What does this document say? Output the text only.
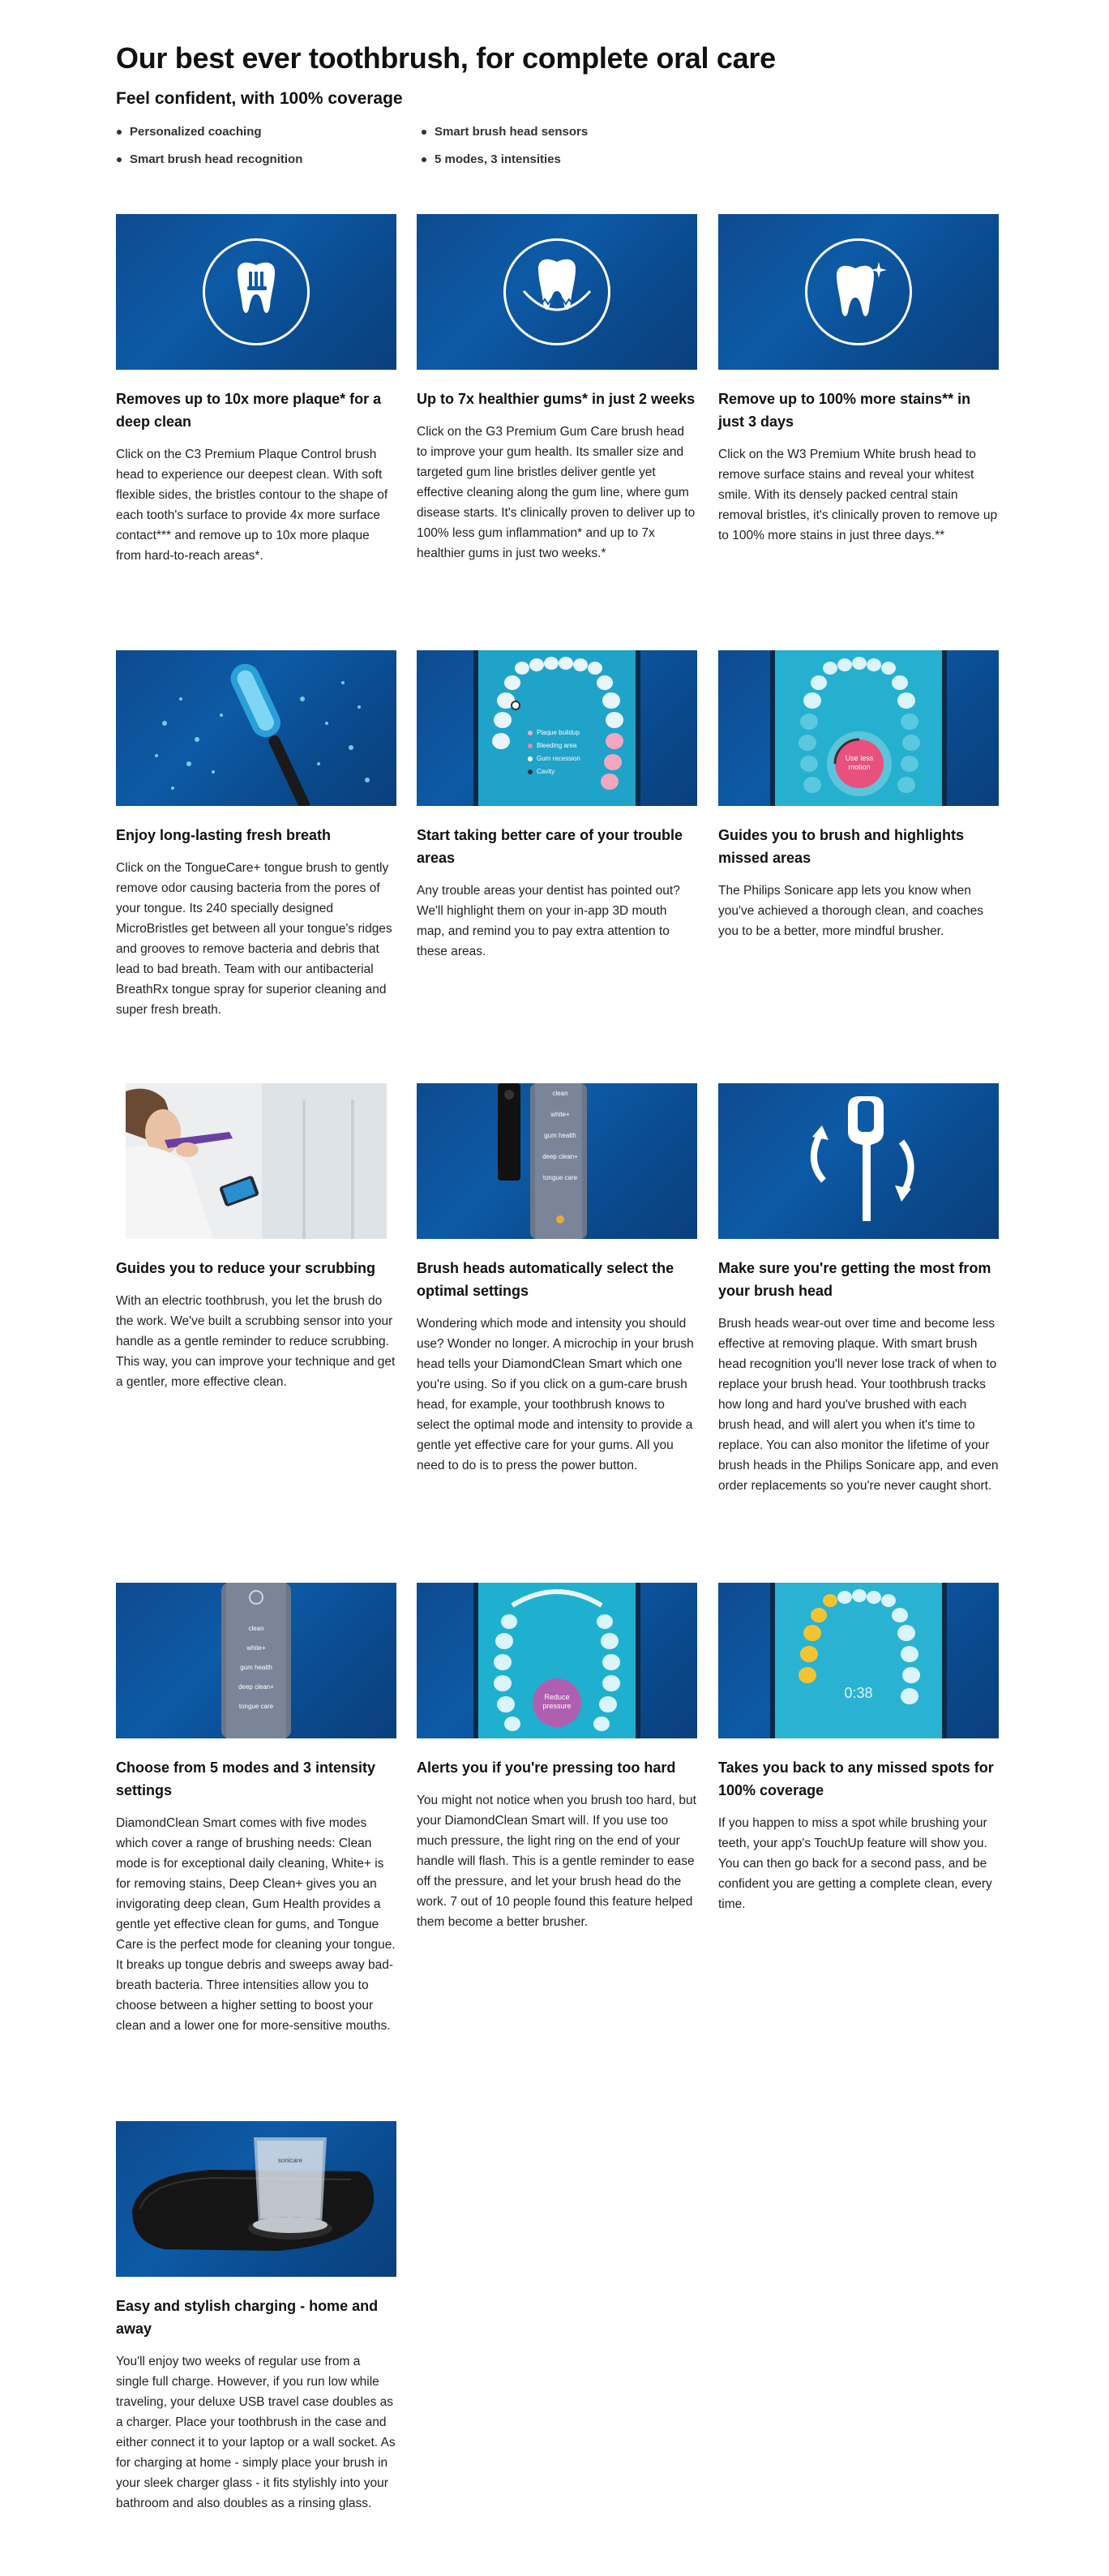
Our best ever toothbrush, for complete oral care
Feel confident, with 100% coverage
Personalized coaching	Smart brush head sensors
Smart brush head recognition	5 modes, 3 intensities
Removes up to 10x more plaque* for a deep clean
Click on the C3 Premium Plaque Control brush head to experience our deepest clean. With soft flexible sides, the bristles contour to the shape of each tooth's surface to provide 4x more surface contact*** and remove up to 10x more plaque from hard-to-reach areas*.
Up to 7x healthier gums* in just 2 weeks
Click on the G3 Premium Gum Care brush head to improve your gum health. Its smaller size and targeted gum line bristles deliver gentle yet effective cleaning along the gum line, where gum disease starts. It's clinically proven to deliver up to 100% less gum inflammation* and up to 7x healthier gums in just two weeks.*
Remove up to 100% more stains** in just 3 days
Click on the W3 Premium White brush head to remove surface stains and reveal your whitest smile. With its densely packed central stain removal bristles, it's clinically proven to remove up to 100% more stains in just three days.**
Enjoy long-lasting fresh breath
Click on the TongueCare+ tongue brush to gently remove odor causing bacteria from the pores of your tongue. Its 240 specially designed MicroBristles get between all your tongue's ridges and grooves to remove bacteria and debris that lead to bad breath. Team with our antibacterial BreathRx tongue spray for superior cleaning and super fresh breath.
Plaque buildup
Bleeding area
Gum recession
Cavity
Start taking better care of your trouble areas
Any trouble areas your dentist has pointed out? We'll highlight them on your in-app 3D mouth map, and remind you to pay extra attention to these areas.
Use less motion
Guides you to brush and highlights missed areas
The Philips Sonicare app lets you know when you've achieved a thorough clean, and coaches you to be a better, more mindful brusher.
Guides you to reduce your scrubbing
With an electric toothbrush, you let the brush do the work. We've built a scrubbing sensor into your handle as a gentle reminder to reduce scrubbing. This way, you can improve your technique and get a gentler, more effective clean.
clean
white+
gum health
deep clean+
tongue care
Brush heads automatically select the optimal settings
Wondering which mode and intensity you should use? Wonder no longer. A microchip in your brush head tells your DiamondClean Smart which one you're using. So if you click on a gum-care brush head, for example, your toothbrush knows to select the optimal mode and intensity to provide a gentle yet effective care for your gums. All you need to do is to press the power button.
Make sure you're getting the most from your brush head
Brush heads wear-out over time and become less effective at removing plaque. With smart brush head recognition you'll never lose track of when to replace your brush head. Your toothbrush tracks how long and hard you've brushed with each brush head, and will alert you when it's time to replace. You can also monitor the lifetime of your brush heads in the Philips Sonicare app, and even order replacements so you're never caught short.
clean
white+
gum health
deep clean+
tongue care
Choose from 5 modes and 3 intensity settings
DiamondClean Smart comes with five modes which cover a range of brushing needs: Clean mode is for exceptional daily cleaning, White+ is for removing stains, Deep Clean+ gives you an invigorating deep clean, Gum Health provides a gentle yet effective clean for gums, and Tongue Care is the perfect mode for cleaning your tongue. It breaks up tongue debris and sweeps away bad-breath bacteria. Three intensities allow you to choose between a higher setting to boost your clean and a lower one for more-sensitive mouths.
Reduce pressure
Alerts you if you're pressing too hard
You might not notice when you brush too hard, but your DiamondClean Smart will. If you use too much pressure, the light ring on the end of your handle will flash. This is a gentle reminder to ease off the pressure, and let your brush head do the work. 7 out of 10 people found this feature helped them become a better brusher.
0:38
Takes you back to any missed spots for 100% coverage
If you happen to miss a spot while brushing your teeth, your app's TouchUp feature will show you. You can then go back for a second pass, and be confident you are getting a complete clean, every time.
sonicare
Easy and stylish charging - home and away
You'll enjoy two weeks of regular use from a single full charge. However, if you run low while traveling, your deluxe USB travel case doubles as a charger. Place your toothbrush in the case and either connect it to your laptop or a wall socket. As for charging at home - simply place your brush in your sleek charger glass - it fits stylishly into your bathroom and also doubles as a rinsing glass.
